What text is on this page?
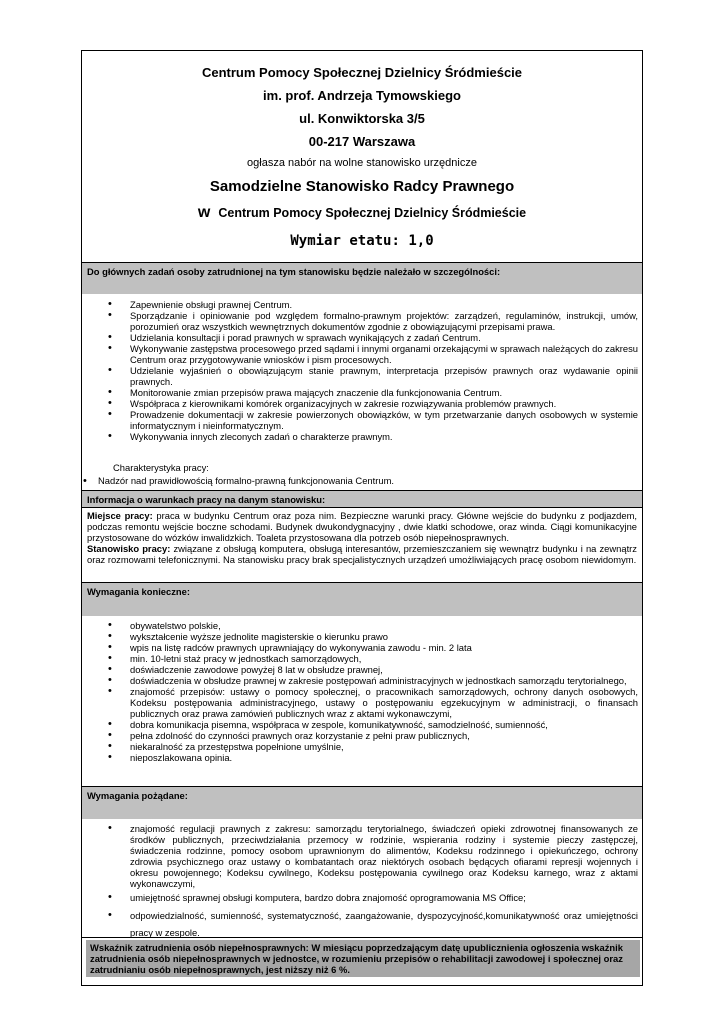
Centrum Pomocy Społecznej Dzielnicy Śródmieście
im. prof. Andrzeja Tymowskiego
ul. Konwiktorska 3/5
00-217 Warszawa
ogłasza nabór na wolne stanowisko urzędnicze
Samodzielne Stanowisko Radcy Prawnego
w Centrum Pomocy Społecznej Dzielnicy Śródmieście
Wymiar etatu: 1,0
Do głównych zadań osoby zatrudnionej na tym stanowisku będzie należało w szczególności:
• Zapewnienie obsługi prawnej Centrum.
• Sporządzanie i opiniowanie pod względem formalno-prawnym projektów: zarządzeń, regulaminów, instrukcji, umów, porozumień oraz wszystkich wewnętrznych dokumentów zgodnie z obowiązującymi przepisami prawa.
• Udzielania konsultacji i porad prawnych w sprawach wynikających z zadań Centrum.
• Wykonywanie zastępstwa procesowego przed sądami i innymi organami orzekającymi w sprawach należących do zakresu Centrum oraz przygotowywanie wniosków i pism procesowych.
• Udzielanie wyjaśnień o obowiązującym stanie prawnym, interpretacja przepisów prawnych oraz wydawanie opinii prawnych.
• Monitorowanie zmian przepisów prawa mających znaczenie dla funkcjonowania Centrum.
• Współpraca z kierownikami komórek organizacyjnych w zakresie rozwiązywania problemów prawnych.
• Prowadzenie dokumentacji w zakresie powierzonych obowiązków, w tym przetwarzanie danych osobowych w systemie informatycznym i nieinformatycznym.
• Wykonywania innych zleconych zadań o charakterze prawnym.
Charakterystyka pracy:
• Nadzór nad prawidłowością formalno-prawną funkcjonowania Centrum.
Informacja o warunkach pracy na danym stanowisku:
Miejsce pracy: praca w budynku Centrum oraz poza nim. Bezpieczne warunki pracy. Główne wejście do budynku z podjazdem, podczas remontu wejście boczne schodami. Budynek dwukondygnacyjny , dwie klatki schodowe, oraz winda. Ciągi komunikacyjne przystosowane do wózków inwalidzkich. Toaleta przystosowana dla potrzeb osób niepełnosprawnych.
Stanowisko pracy: związane z obsługą komputera, obsługą interesantów, przemieszczaniem się wewnątrz budynku i na zewnątrz oraz rozmowami telefonicznymi. Na stanowisku pracy brak specjalistycznych urządzeń umożliwiających pracę osobom niewidomym.
Wymagania konieczne:
• obywatelstwo polskie,
• wykształcenie wyższe jednolite magisterskie o kierunku prawo
• wpis na listę radców prawnych uprawniający do wykonywania zawodu - min. 2 lata
• min. 10-letni staż pracy w jednostkach samorządowych,
• doświadczenie zawodowe powyżej 8 lat w obsłudze prawnej,
• doświadczenia w obsłudze prawnej w zakresie postępowań administracyjnych w jednostkach samorządu terytorialnego,
• znajomość przepisów: ustawy o pomocy społecznej, o pracownikach samorządowych, ochrony danych osobowych, Kodeksu postępowania administracyjnego, ustawy o postępowaniu egzekucyjnym w administracji, o finansach publicznych oraz prawa zamówień publicznych wraz z aktami wykonawczymi,
• dobra komunikacja pisemna, współpraca w zespole, komunikatywność, samodzielność, sumienność,
• pełna zdolność do czynności prawnych oraz korzystanie z pełni praw publicznych,
• niekaralność za przestępstwa popełnione umyślnie,
• nieposzlakowana opinia.
Wymagania pożądane:
• znajomość regulacji prawnych z zakresu: samorządu terytorialnego, świadczeń opieki zdrowotnej finansowanych ze środków publicznych, przeciwdziałania przemocy w rodzinie, wspierania rodziny i systemie pieczy zastępczej, świadczenia rodzinne, pomocy osobom uprawnionym do alimentów, Kodeksu rodzinnego i opiekuńczego, ochrony zdrowia psychicznego oraz ustawy o kombatantach oraz niektórych osobach będących ofiarami represji wojennych i okresu powojennego; Kodeksu cywilnego, Kodeksu postępowania cywilnego oraz Kodeksu karnego, wraz z aktami wykonawczymi,
• umiejętność sprawnej obsługi komputera, bardzo dobra znajomość oprogramowania MS Office;
• odpowiedzialność, sumienność, systematyczność, zaangażowanie, dyspozycyjność,komunikatywność oraz umiejętności pracy w zespole.
Wskaźnik zatrudnienia osób niepełnosprawnych: W miesiącu poprzedzającym datę upublicznienia ogłoszenia wskaźnik zatrudnienia osób niepełnosprawnych w jednostce, w rozumieniu przepisów o rehabilitacji zawodowej i społecznej oraz zatrudnianiu osób niepełnosprawnych, jest niższy niż 6 %.
